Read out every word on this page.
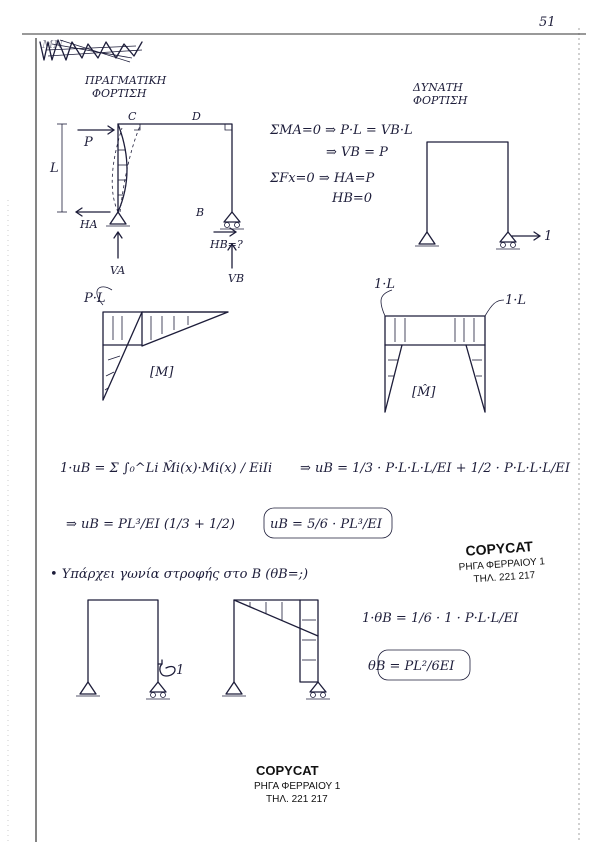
51
ΜΝ
ΠΡΑΓΜΑΤΙΚΗ
ΦΟΡΤΙΣΗ	ΔΥΝΑΤΗ
ΦΟΡΤΙΣΗ
P
C	D
L
B
HA
HB=?
VA
VB
ΣMA=0 ⇒ P·L = VB·L
⇒ VB = P
ΣFx=0 ⇒ HA=P
HB=0
1
P·L
[M]
1·L
1·L
[M̂]
1·uB = Σ ∫₀^Li M̂i(x)·Mi(x) / EiIi ⇒ uB = 1/3 · P·L·L·L/EI + 1/2 · P·L·L·L/EI
⇒ uB = PL³/EI (1/3 + 1/2)	uB = 5/6 · PL³/EI
• Υπάρχει γωνία στροφής στο B (θB=;)
1
1·θB = 1/6 · 1 · P·L·L/EI
θB = PL²/6EI
COPYCAT
ΡΗΓΑ ΦΕΡΡΑΙΟΥ 1
ΤΗΛ. 221 217
COPYCAT
ΡΗΓΑ ΦΕΡΡΑΙΟΥ 1
ΤΗΛ. 221 217
